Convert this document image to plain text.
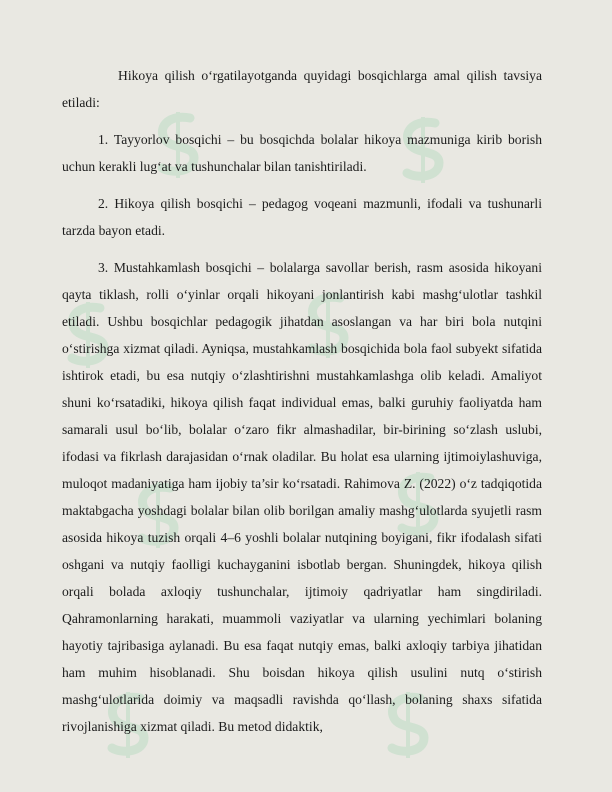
Hikoya qilish o‘rgatilayotganda quyidagi bosqichlarga amal qilish tavsiya etiladi:

1. Tayyorlov bosqichi – bu bosqichda bolalar hikoya mazmuniga kirib borish uchun kerakli lug‘at va tushunchalar bilan tanishtiriladi.

2. Hikoya qilish bosqichi – pedagog voqeani mazmunli, ifodali va tushunarli tarzda bayon etadi.

3. Mustahkamlash bosqichi – bolalarga savollar berish, rasm asosida hikoyani qayta tiklash, rolli o‘yinlar orqali hikoyani jonlantirish kabi mashg‘ulotlar tashkil etiladi. Ushbu bosqichlar pedagogik jihatdan asoslangan va har biri bola nutqini o‘stirishga xizmat qiladi. Ayniqsa, mustahkamlash bosqichida bola faol subyekt sifatida ishtirok etadi, bu esa nutqiy o‘zlashtirishni mustahkamlashga olib keladi. Amaliyot shuni ko‘rsatadiki, hikoya qilish faqat individual emas, balki guruhiy faoliyatda ham samarali usul bo‘lib, bolalar o‘zaro fikr almashadilar, bir-birining so‘zlash uslubi, ifodasi va fikrlash darajasidan o‘rnak oladilar. Bu holat esa ularning ijtimoiylashuviga, muloqot madaniyatiga ham ijobiy ta’sir ko‘rsatadi. Rahimova Z. (2022) o‘z tadqiqotida maktabgacha yoshdagi bolalar bilan olib borilgan amaliy mashg‘ulotlarda syujetli rasm asosida hikoya tuzish orqali 4–6 yoshli bolalar nutqining boyigani, fikr ifodalash sifati oshgani va nutqiy faolligi kuchayganini isbotlab bergan. Shuningdek, hikoya qilish orqali bolada axloqiy tushunchalar, ijtimoiy qadriyatlar ham singdiriladi. Qahramonlarning harakati, muammoli vaziyatlar va ularning yechimlari bolaning hayotiy tajribasiga aylanadi. Bu esa faqat nutqiy emas, balki axloqiy tarbiya jihatidan ham muhim hisoblanadi. Shu boisdan hikoya qilish usulini nutq o‘stirish mashg‘ulotlarida doimiy va maqsadli ravishda qo‘llash, bolaning shaxs sifatida rivojlanishiga xizmat qiladi. Bu metod didaktik,
